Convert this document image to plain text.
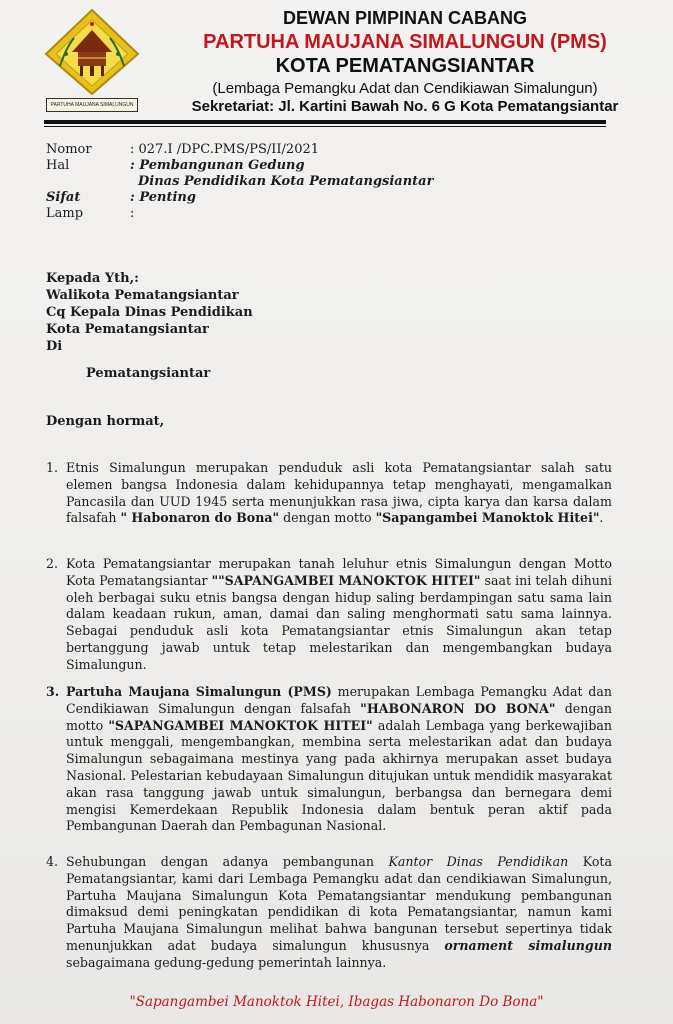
PARTUHA MAUJANA SIMALUNGUN
DEWAN PIMPINAN CABANG
PARTUHA MAUJANA SIMALUNGUN (PMS)
KOTA PEMATANGSIANTAR
(Lembaga Pemangku Adat dan Cendikiawan Simalungun)
Sekretariat: Jl. Kartini Bawah No. 6 G Kota Pematangsiantar
Nomor	: 027.I /DPC.PMS/PS/II/2021
Hal	: Pembangunan Gedung
Dinas Pendidikan Kota Pematangsiantar
Sifat	: Penting
Lamp	:
Kepada Yth,:
Walikota Pematangsiantar
Cq Kepala Dinas Pendidikan
Kota Pematangsiantar
Di
Pematangsiantar
Dengan hormat,
1. Etnis Simalungun merupakan penduduk asli kota Pematangsiantar salah satu elemen bangsa Indonesia dalam kehidupannya tetap menghayati, mengamalkan Pancasila dan UUD 1945 serta menunjukkan rasa jiwa, cipta karya dan karsa dalam falsafah " Habonaron do Bona" dengan motto "Sapangambei Manoktok Hitei".
2. Kota Pematangsiantar merupakan tanah leluhur etnis Simalungun dengan Motto Kota Pematangsiantar ""SAPANGAMBEI MANOKTOK HITEI" saat ini telah dihuni oleh berbagai suku etnis bangsa dengan hidup saling berdampingan satu sama lain dalam keadaan rukun, aman, damai dan saling menghormati satu sama lainnya. Sebagai penduduk asli kota Pematangsiantar etnis Simalungun akan tetap bertanggung jawab untuk tetap melestarikan dan mengembangkan budaya Simalungun.
3. Partuha Maujana Simalungun (PMS) merupakan Lembaga Pemangku Adat dan Cendikiawan Simalungun dengan falsafah "HABONARON DO BONA" dengan motto "SAPANGAMBEI MANOKTOK HITEI" adalah Lembaga yang berkewajiban untuk menggali, mengembangkan, membina serta melestarikan adat dan budaya Simalungun sebagaimana mestinya yang pada akhirnya merupakan asset budaya Nasional. Pelestarian kebudayaan Simalungun ditujukan untuk mendidik masyarakat akan rasa tanggung jawab untuk simalungun, berbangsa dan bernegara demi mengisi Kemerdekaan Republik Indonesia dalam bentuk peran aktif pada Pembangunan Daerah dan Pembagunan Nasional.
4. Sehubungan dengan adanya pembangunan Kantor Dinas Pendidikan Kota Pematangsiantar, kami dari Lembaga Pemangku adat dan cendikiawan Simalungun, Partuha Maujana Simalungun Kota Pematangsiantar mendukung pembangunan dimaksud demi peningkatan pendidikan di kota Pematangsiantar, namun kami Partuha Maujana Simalungun melihat bahwa bangunan tersebut sepertinya tidak menunjukkan adat budaya simalungun khususnya ornament simalungun sebagaimana gedung-gedung pemerintah lainnya.
"Sapangambei Manoktok Hitei, Ibagas Habonaron Do Bona"
